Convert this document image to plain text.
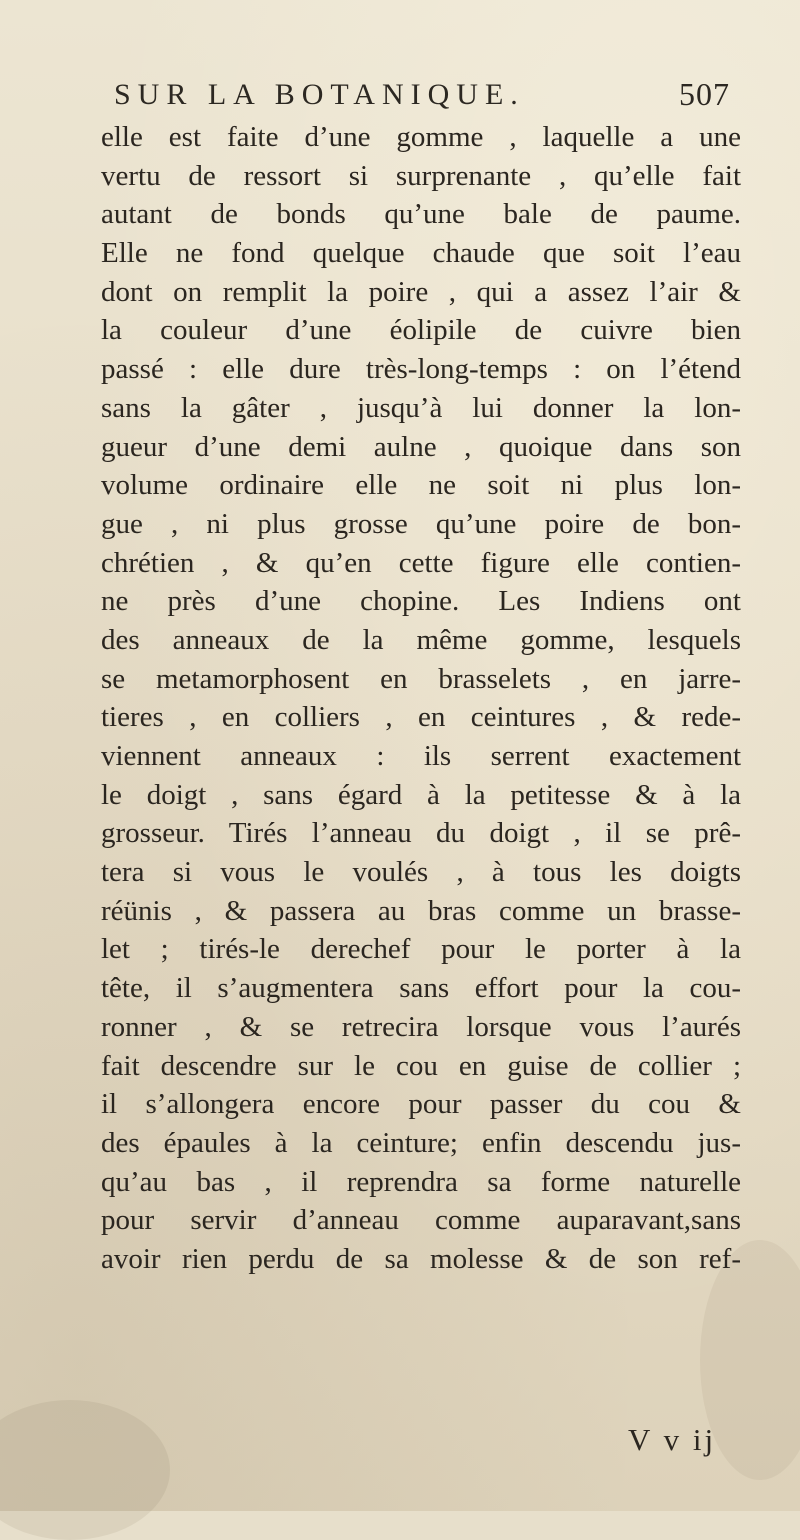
SUR LA BOTANIQUE.	507
elle est faite d’une gomme , laquelle a une
vertu de ressort si surprenante , qu’elle fait
autant de bonds qu’une bale de paume.
Elle ne fond quelque chaude que soit l’eau
dont on remplit la poire , qui a assez l’air &
la couleur d’une éolipile de cuivre bien
passé : elle dure très-long-temps : on l’étend
sans la gâter , jusqu’à lui donner la lon-
gueur d’une demi aulne , quoique dans son
volume ordinaire elle ne soit ni plus lon-
gue , ni plus grosse qu’une poire de bon-
chrétien , & qu’en cette figure elle contien-
ne près d’une chopine. Les Indiens ont
des anneaux de la même gomme, lesquels
se metamorphosent en brasselets , en jarre-
tieres , en colliers , en ceintures , & rede-
viennent anneaux : ils serrent exactement
le doigt , sans égard à la petitesse & à la
grosseur. Tirés l’anneau du doigt , il se prê-
tera si vous le voulés , à tous les doigts
réünis , & passera au bras comme un brasse-
let ; tirés-le derechef pour le porter à la
tête, il s’augmentera sans effort pour la cou-
ronner , & se retrecira lorsque vous l’aurés
fait descendre sur le cou en guise de collier ;
il s’allongera encore pour passer du cou &
des épaules à la ceinture; enfin descendu jus-
qu’au bas , il reprendra sa forme naturelle
pour servir d’anneau comme auparavant,sans
avoir rien perdu de sa molesse & de son ref-
V v ij
